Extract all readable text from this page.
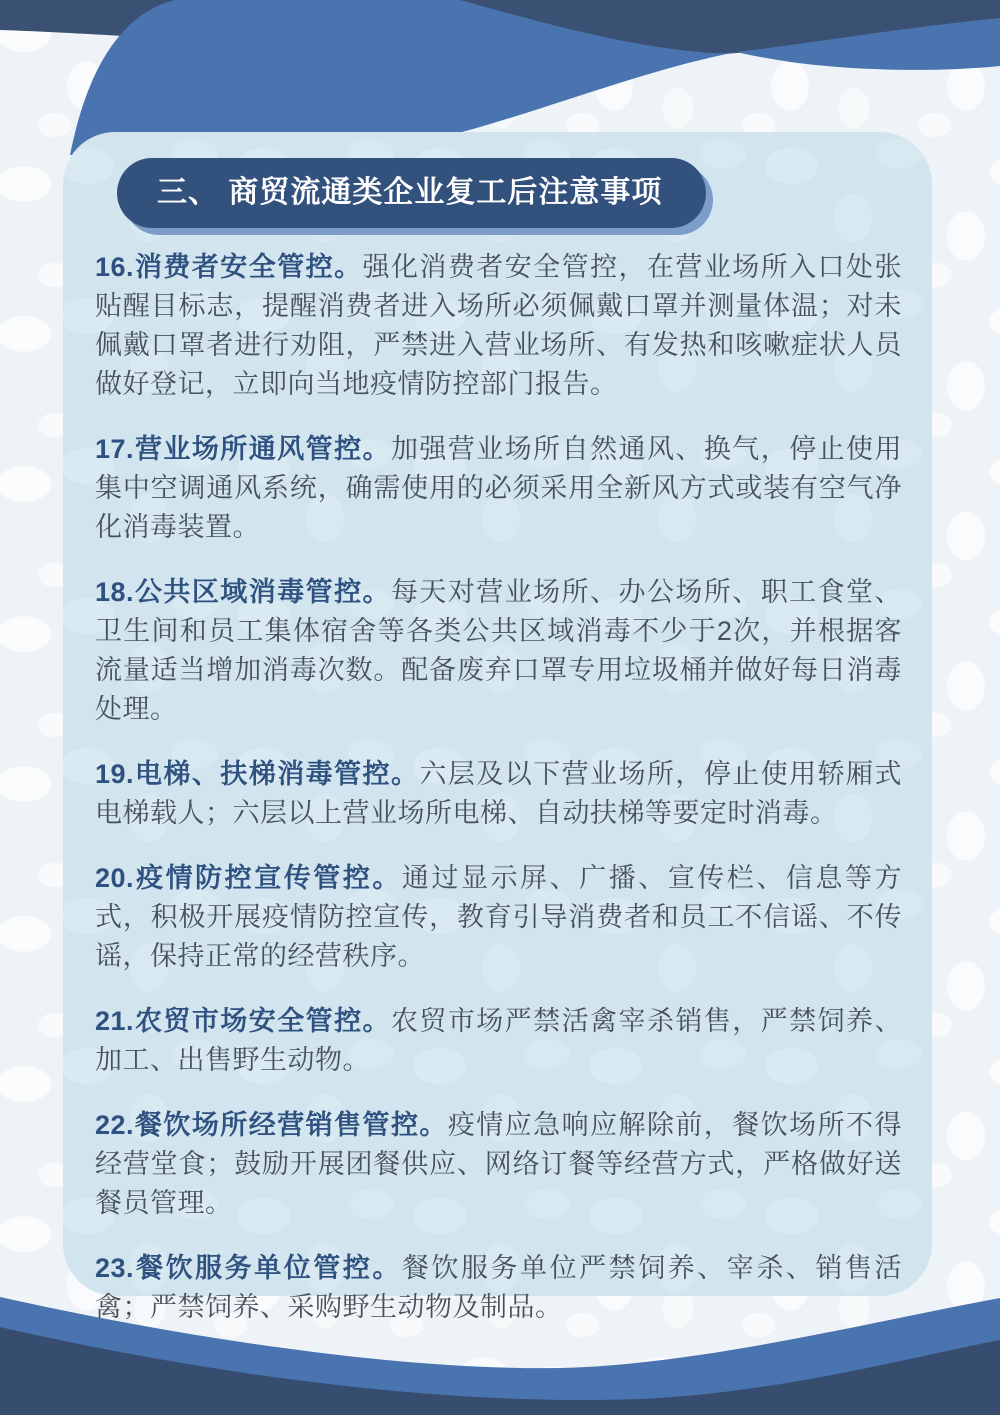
三、 商贸流通类企业复工后注意事项

16.消费者安全管控。强化消费者安全管控，在营业场所入口处张贴醒目标志，提醒消费者进入场所必须佩戴口罩并测量体温；对未佩戴口罩者进行劝阻，严禁进入营业场所、有发热和咳嗽症状人员做好登记，立即向当地疫情防控部门报告。

17.营业场所通风管控。加强营业场所自然通风、换气，停止使用集中空调通风系统，确需使用的必须采用全新风方式或装有空气净化消毒装置。

18.公共区域消毒管控。每天对营业场所、办公场所、职工食堂、卫生间和员工集体宿舍等各类公共区域消毒不少于2次，并根据客流量适当增加消毒次数。配备废弃口罩专用垃圾桶并做好每日消毒处理。

19.电梯、扶梯消毒管控。六层及以下营业场所，停止使用轿厢式电梯载人；六层以上营业场所电梯、自动扶梯等要定时消毒。

20.疫情防控宣传管控。通过显示屏、广播、宣传栏、信息等方式，积极开展疫情防控宣传，教育引导消费者和员工不信谣、不传谣，保持正常的经营秩序。

21.农贸市场安全管控。农贸市场严禁活禽宰杀销售，严禁饲养、加工、出售野生动物。

22.餐饮场所经营销售管控。疫情应急响应解除前，餐饮场所不得经营堂食；鼓励开展团餐供应、网络订餐等经营方式，严格做好送餐员管理。

23.餐饮服务单位管控。餐饮服务单位严禁饲养、宰杀、销售活禽；严禁饲养、采购野生动物及制品。
